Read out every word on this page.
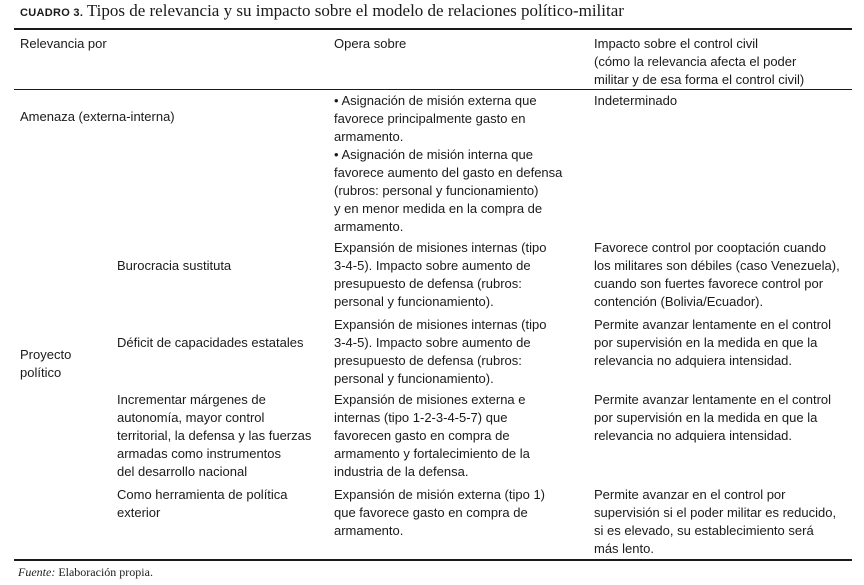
CUADRO 3. Tipos de relevancia y su impacto sobre el modelo de relaciones político-militar
Relevancia por	Opera sobre	Impacto sobre el control civil
(cómo la relevancia afecta el poder
militar y de esa forma el control civil)
Amenaza (externa-interna)
• Asignación de misión externa que
favorece principalmente gasto en
armamento.
• Asignación de misión interna que
favorece aumento del gasto en defensa
(rubros: personal y funcionamiento)
y en menor medida en la compra de
armamento.
Indeterminado
Proyecto
político
Burocracia sustituta
Expansión de misiones internas (tipo
3-4-5). Impacto sobre aumento de
presupuesto de defensa (rubros:
personal y funcionamiento).
Favorece control por cooptación cuando
los militares son débiles (caso Venezuela),
cuando son fuertes favorece control por
contención (Bolivia/Ecuador).
Déficit de capacidades estatales
Expansión de misiones internas (tipo
3-4-5). Impacto sobre aumento de
presupuesto de defensa (rubros:
personal y funcionamiento).
Permite avanzar lentamente en el control
por supervisión en la medida en que la
relevancia no adquiera intensidad.
Incrementar márgenes de
autonomía, mayor control
territorial, la defensa y las fuerzas
armadas como instrumentos
del desarrollo nacional
Expansión de misiones externa e
internas (tipo 1-2-3-4-5-7) que
favorecen gasto en compra de
armamento y fortalecimiento de la
industria de la defensa.
Permite avanzar lentamente en el control
por supervisión en la medida en que la
relevancia no adquiera intensidad.
Como herramienta de política
exterior
Expansión de misión externa (tipo 1)
que favorece gasto en compra de
armamento.
Permite avanzar en el control por
supervisión si el poder militar es reducido,
si es elevado, su establecimiento será
más lento.
Fuente: Elaboración propia.
